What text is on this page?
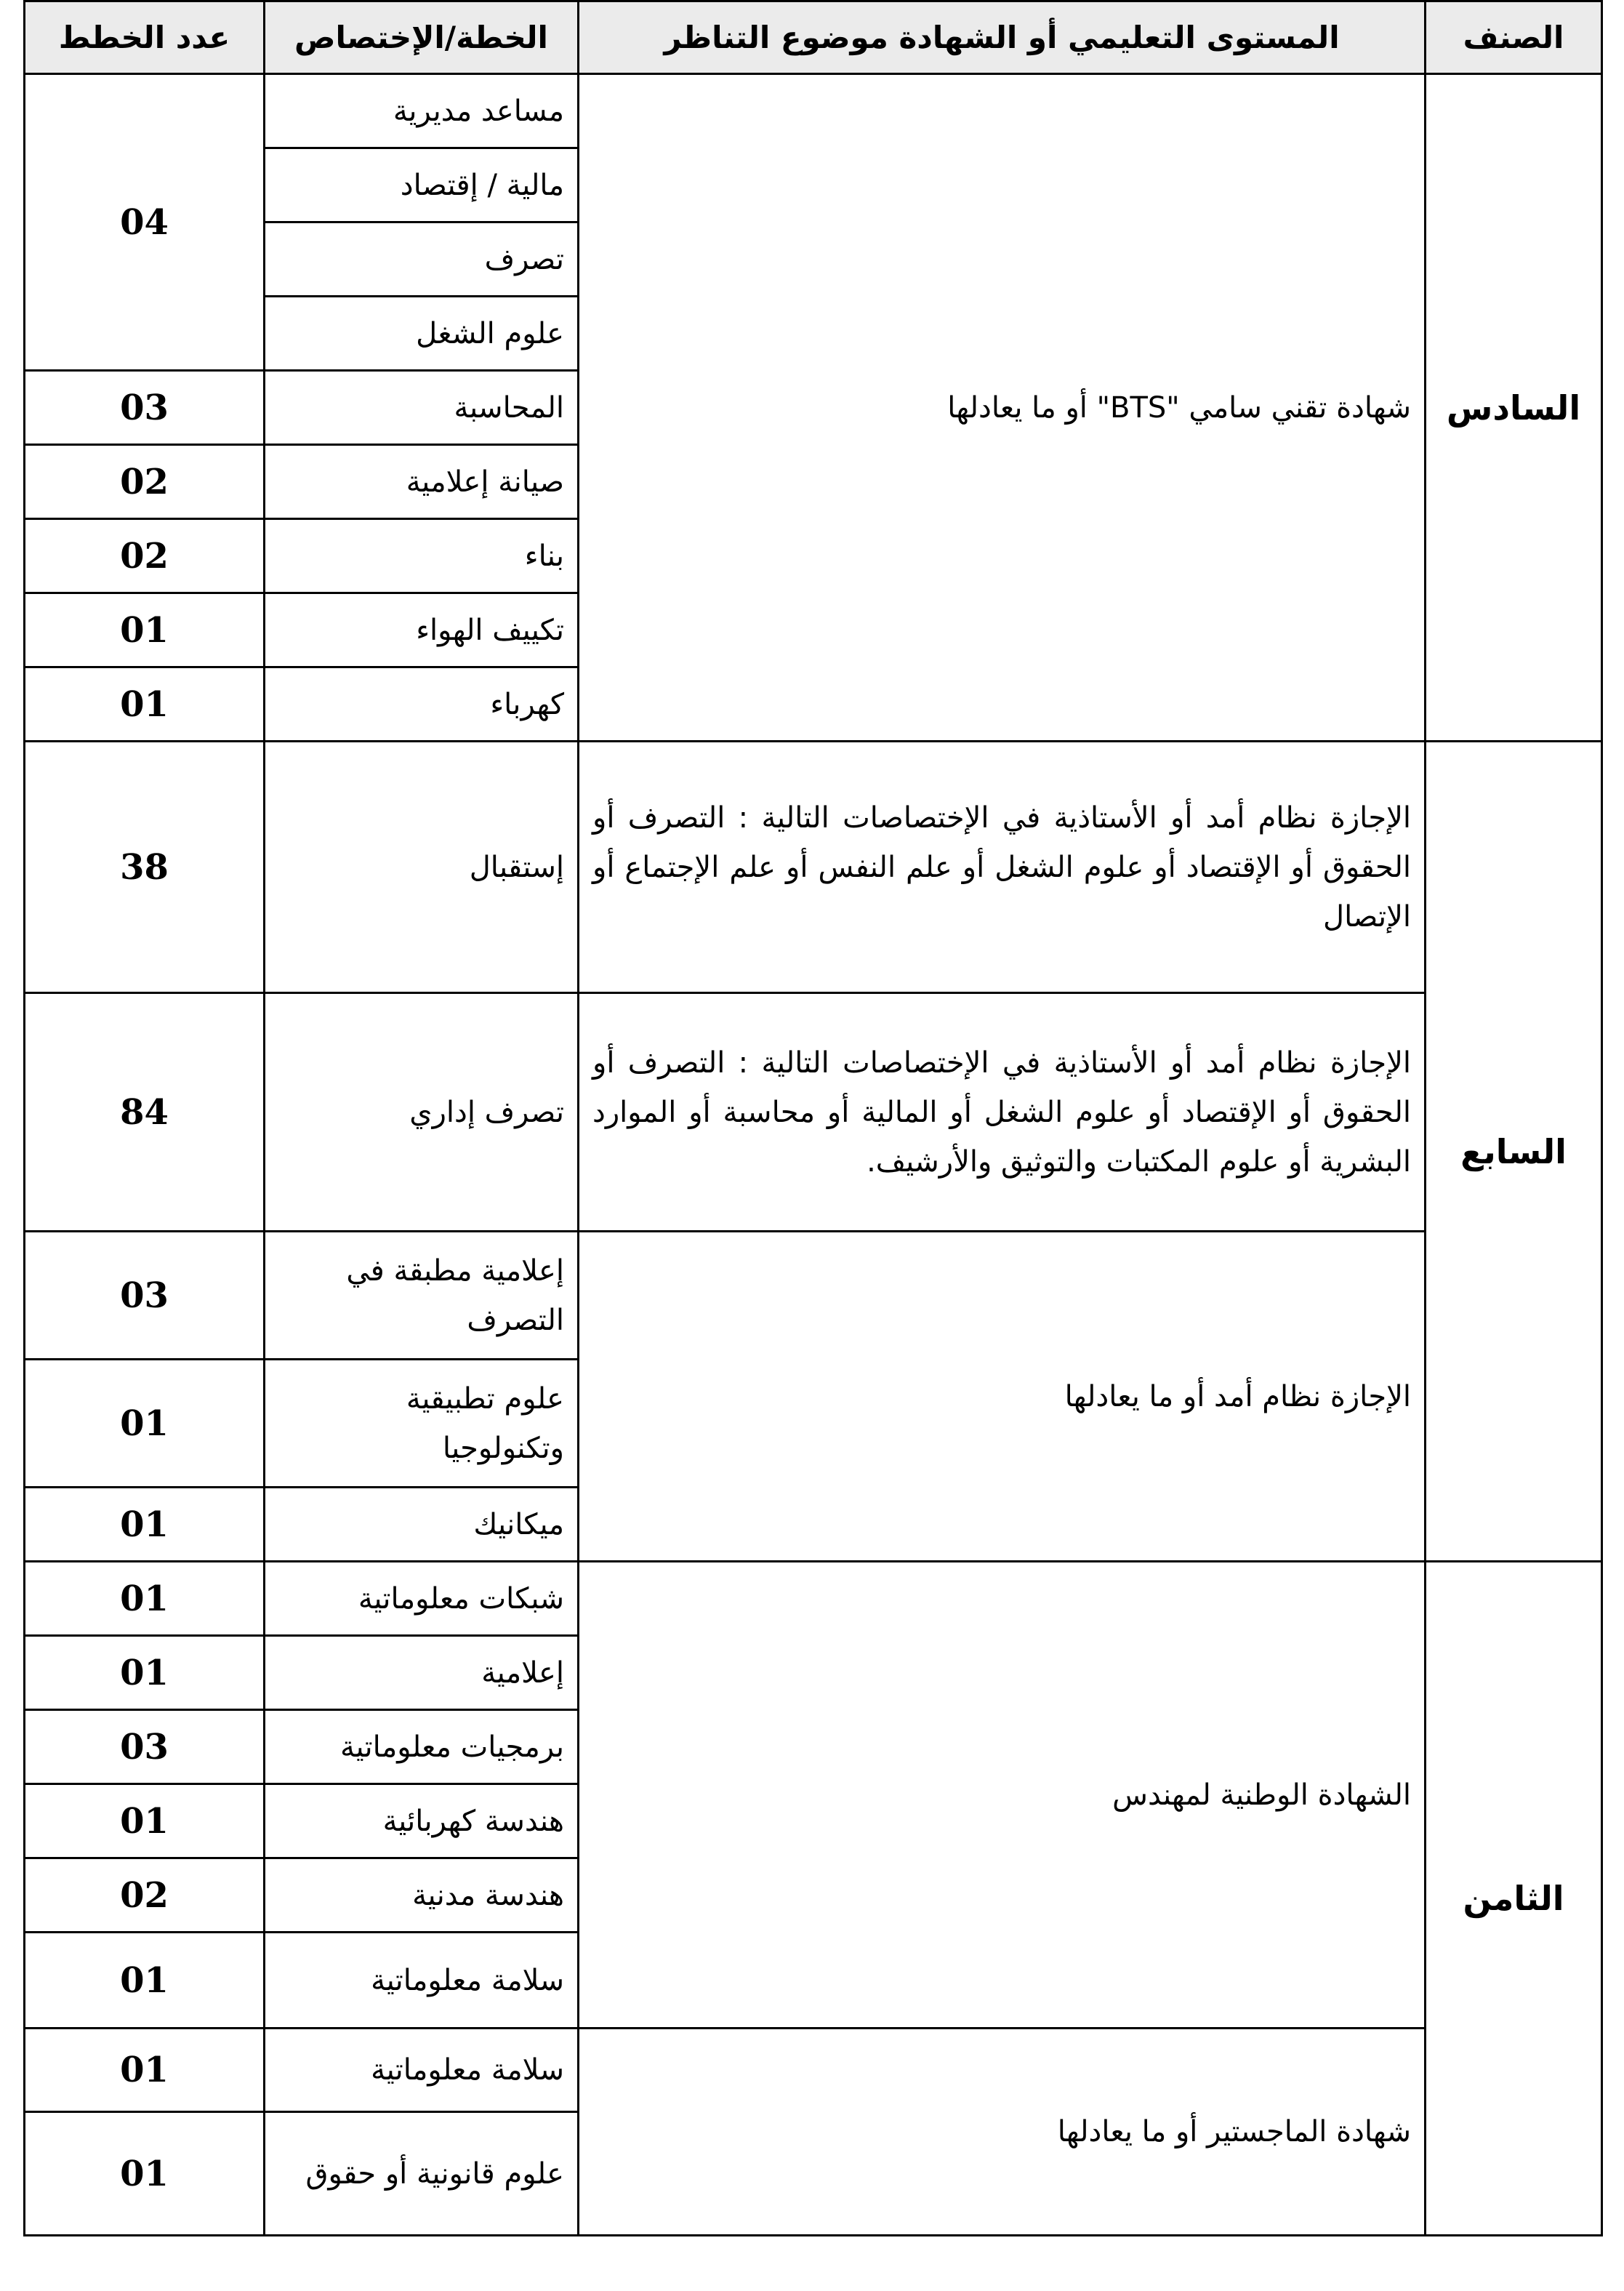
الصنف	المستوى التعليمي أو الشهادة موضوع التناظر	الخطة/الإختصاص	عدد الخطط
السادس	شهادة تقني سامي "BTS" أو ما يعادلها	مساعد مديرية	04
		مالية / إقتصاد	
		تصرف	
		علوم الشغل	
		المحاسبة	03
		صيانة إعلامية	02
		بناء	02
		تكييف الهواء	01
		كهرباء	01
السابع	الإجازة نظام أمد أو الأستاذية في الإختصاصات التالية : التصرف أو الحقوق أو الإقتصاد أو علوم الشغل أو علم النفس أو علم الإجتماع أو الإتصال	إستقبال	38
	الإجازة نظام أمد أو الأستاذية في الإختصاصات التالية : التصرف أو الحقوق أو الإقتصاد أو علوم الشغل أو المالية أو محاسبة أو الموارد البشرية أو علوم المكتبات والتوثيق والأرشيف.	تصرف إداري	84
	الإجازة نظام أمد أو ما يعادلها	إعلامية مطبقة في التصرف	03
		علوم تطبيقية وتكنولوجيا	01
		ميكانيك	01
الثامن	الشهادة الوطنية لمهندس	شبكات معلوماتية	01
		إعلامية	01
		برمجيات معلوماتية	03
		هندسة كهربائية	01
		هندسة مدنية	02
		سلامة معلوماتية	01
	شهادة الماجستير أو ما يعادلها	سلامة معلوماتية	01
		علوم قانونية أو حقوق	01
